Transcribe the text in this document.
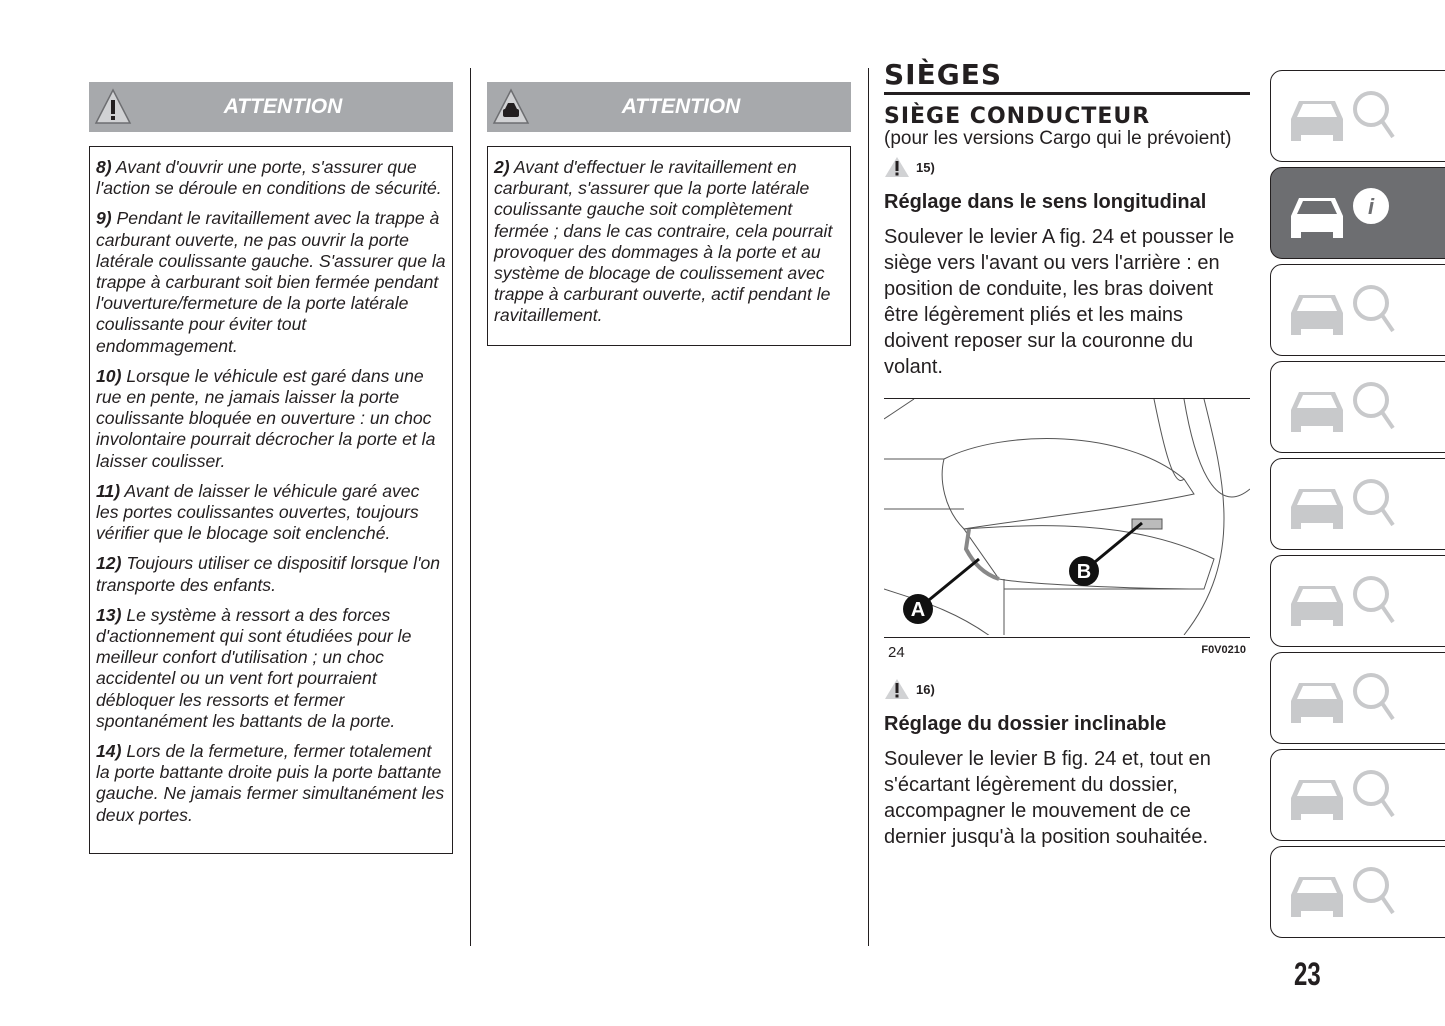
ATTENTION

8) Avant d'ouvrir une porte, s'assurer que l'action se déroule en conditions de sécurité.

9) Pendant le ravitaillement avec la trappe à carburant ouverte, ne pas ouvrir la porte latérale coulissante gauche. S'assurer que la trappe à carburant soit bien fermée pendant l'ouverture/fermeture de la porte latérale coulissante pour éviter tout endommagement.

10) Lorsque le véhicule est garé dans une rue en pente, ne jamais laisser la porte coulissante bloquée en ouverture : un choc involontaire pourrait décrocher la porte et la laisser coulisser.

11) Avant de laisser le véhicule garé avec les portes coulissantes ouvertes, toujours vérifier que le blocage soit enclenché.

12) Toujours utiliser ce dispositif lorsque l'on transporte des enfants.

13) Le système à ressort a des forces d'actionnement qui sont étudiées pour le meilleur confort d'utilisation ; un choc accidentel ou un vent fort pourraient débloquer les ressorts et fermer spontanément les battants de la porte.

14) Lors de la fermeture, fermer totalement la porte battante droite puis la porte battante gauche. Ne jamais fermer simultanément les deux portes.

ATTENTION

2) Avant d'effectuer le ravitaillement en carburant, s'assurer que la porte latérale coulissante gauche soit complètement fermée ; dans le cas contraire, cela pourrait provoquer des dommages à la porte et au système de blocage de coulissement avec trappe à carburant ouverte, actif pendant le ravitaillement.

SIÈGES
SIÈGE CONDUCTEUR
(pour les versions Cargo qui le prévoient)
15)
Réglage dans le sens longitudinal

Soulever le levier A fig. 24 et pousser le siège vers l'avant ou vers l'arrière : en position de conduite, les bras doivent être légèrement pliés et les mains doivent reposer sur la couronne du volant.

A
B
24	F0V0210
16)
Réglage du dossier inclinable

Soulever le levier B fig. 24 et, tout en s'écartant légèrement du dossier, accompagner le mouvement de ce dernier jusqu'à la position souhaitée.

i
23
